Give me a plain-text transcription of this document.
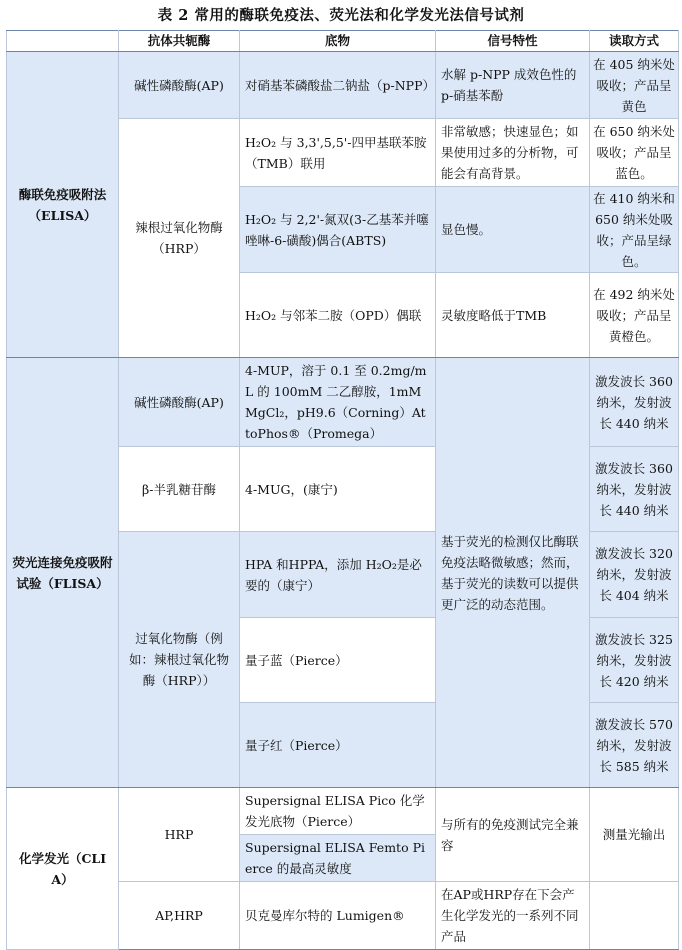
表 2 常用的酶联免疫法、荧光法和化学发光法信号试剂
	抗体共轭酶	底物	信号特性	读取方式
酶联免疫吸附法（ELISA）	碱性磷酸酶(AP)	对硝基苯磷酸盐二钠盐（p-NPP）	水解 p-NPP 成效色性的 p-硝基苯酚	在 405 纳米处吸收；产品呈黄色
	辣根过氧化物酶（HRP）	H₂O₂ 与 3,3',5,5'-四甲基联苯胺（TMB）联用	非常敏感；快速显色；如果使用过多的分析物，可能会有高背景。	在 650 纳米处吸收；产品呈蓝色。
		H₂O₂ 与 2,2'-氮双(3-乙基苯并噻唑啉-6-磺酸)偶合(ABTS)	显色慢。	在 410 纳米和 650 纳米处吸收；产品呈绿色。
		H₂O₂ 与邻苯二胺（OPD）偶联	灵敏度略低于TMB	在 492 纳米处吸收；产品呈黄橙色。
荧光连接免疫吸附试验（FLISA）	碱性磷酸酶(AP)	4-MUP，溶于 0.1 至 0.2mg/mL 的 100mM 二乙醇胺，1mM MgCl₂，pH9.6（Corning）AttoPhos®（Promega）	基于荧光的检测仅比酶联免疫法略微敏感；然而，基于荧光的读数可以提供更广泛的动态范围。	激发波长 360 纳米，发射波长 440 纳米
	β-半乳糖苷酶	4-MUG，(康宁)		激发波长 360 纳米，发射波长 440 纳米
	过氧化物酶（例如：辣根过氧化物酶（HRP））	HPA 和HPPA，添加 H₂O₂是必要的（康宁）		激发波长 320 纳米，发射波长 404 纳米
		量子蓝（Pierce）		激发波长 325 纳米，发射波长 420 纳米
		量子红（Pierce）		激发波长 570 纳米，发射波长 585 纳米
化学发光（CLIA）	HRP	Supersignal ELISA Pico 化学发光底物（Pierce）	与所有的免疫测试完全兼容	测量光输出
		Supersignal ELISA Femto Pierce 的最高灵敏度		
	AP,HRP	贝克曼库尔特的 Lumigen®	在AP或HRP存在下会产生化学发光的一系列不同产品	
